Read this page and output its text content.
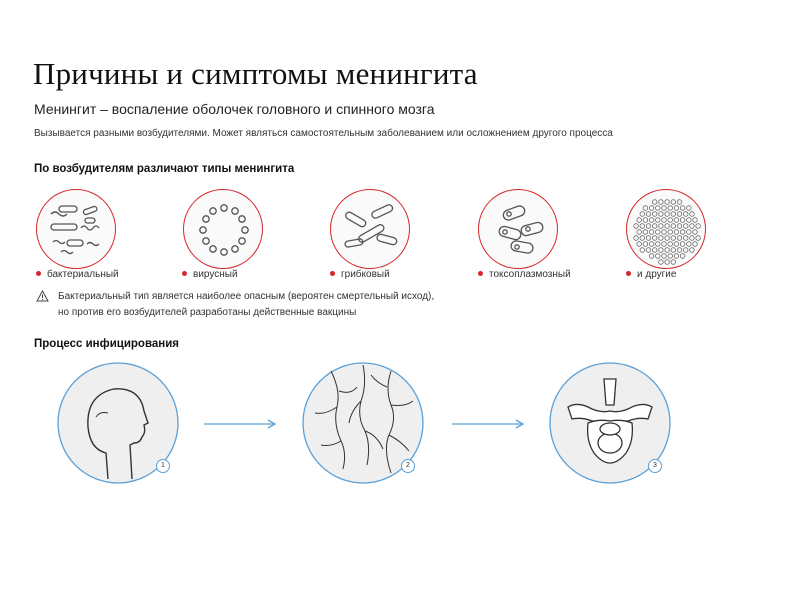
Причины и симптомы менингита
Менингит – воспаление оболочек головного и спинного мозга
Вызывается разными возбудителями. Может являться самостоятельным заболеванием или осложнением другого процесса
По возбудителям различают типы менингита
бактериальный	вирусный	грибковый	токсоплазмозный	и другие
Бактериальный тип является наиболее опасным (вероятен смертельный исход),
но против его возбудителей разработаны действенные вакцины
Процесс инфицирования
1	2	3
